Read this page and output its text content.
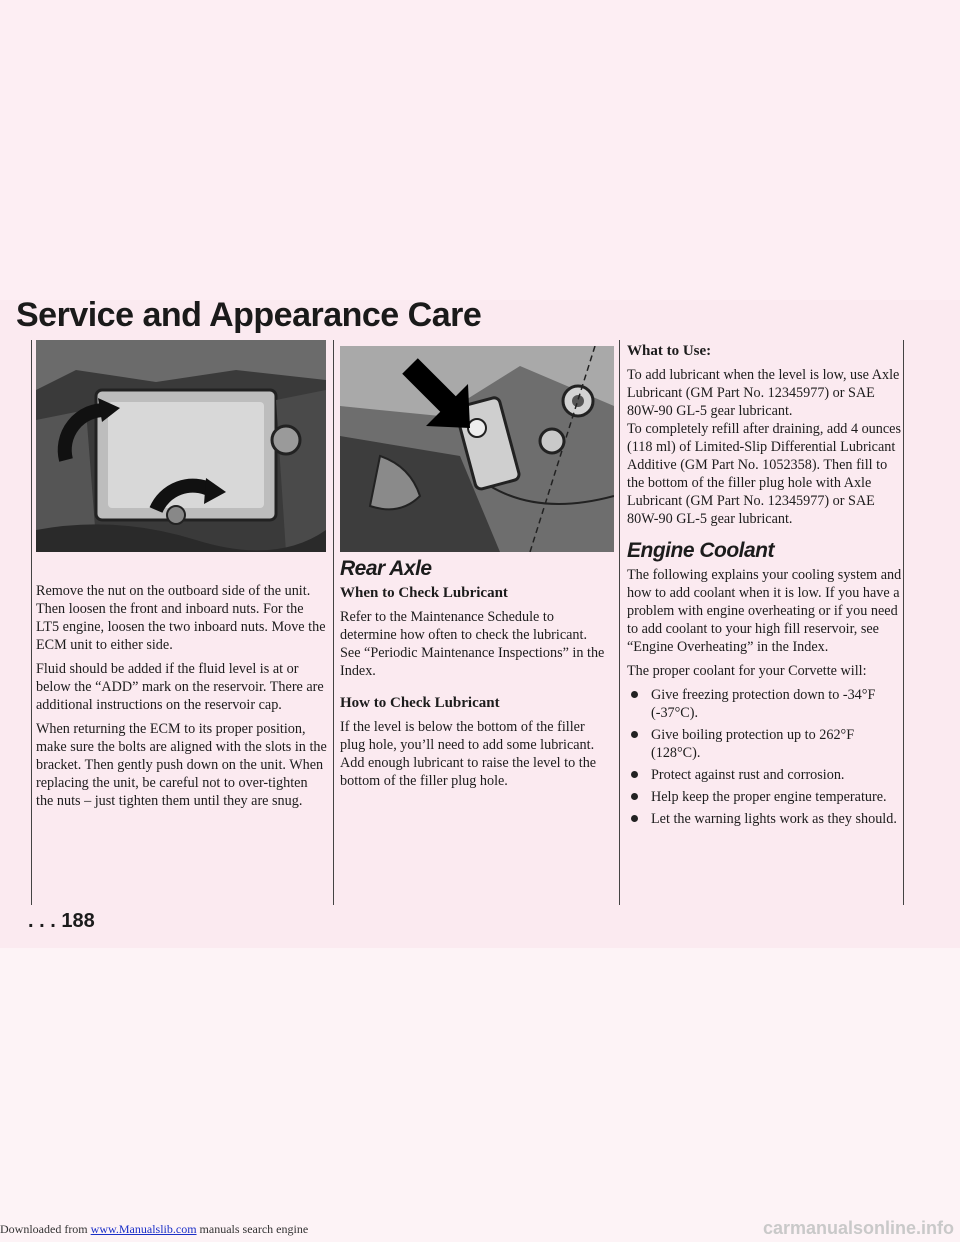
Service and Appearance Care

Remove the nut on the outboard side of the unit. Then loosen the front and inboard nuts. For the LT5 engine, loosen the two inboard nuts. Move the ECM unit to either side.

Fluid should be added if the fluid level is at or below the “ADD” mark on the reservoir. There are additional instructions on the reservoir cap.

When returning the ECM to its proper position, make sure the bolts are aligned with the slots in the bracket. Then gently push down on the unit. When replacing the unit, be careful not to over-tighten the nuts – just tighten them until they are snug.

Rear Axle
When to Check Lubricant

Refer to the Maintenance Schedule to determine how often to check the lubricant. See “Periodic Maintenance Inspections” in the Index.

How to Check Lubricant

If the level is below the bottom of the filler plug hole, you’ll need to add some lubricant. Add enough lubricant to raise the level to the bottom of the filler plug hole.

What to Use:

To add lubricant when the level is low, use Axle Lubricant (GM Part No. 12345977) or SAE 80W-90 GL-5 gear lubricant.

To completely refill after draining, add 4 ounces (118 ml) of Limited-Slip Differential Lubricant Additive (GM Part No. 1052358). Then fill to the bottom of the filler plug hole with Axle Lubricant (GM Part No. 12345977) or SAE 80W-90 GL-5 gear lubricant.

Engine Coolant

The following explains your cooling system and how to add coolant when it is low. If you have a problem with engine overheating or if you need to add coolant to your high fill reservoir, see “Engine Overheating” in the Index.

The proper coolant for your Corvette will:

Give freezing protection down to -34°F (-37°C).
Give boiling protection up to 262°F (128°C).
Protect against rust and corrosion.
Help keep the proper engine temperature.
Let the warning lights work as they should.

. . . 188

Downloaded from www.Manualslib.com manuals search engine	carmanualsonline.info
